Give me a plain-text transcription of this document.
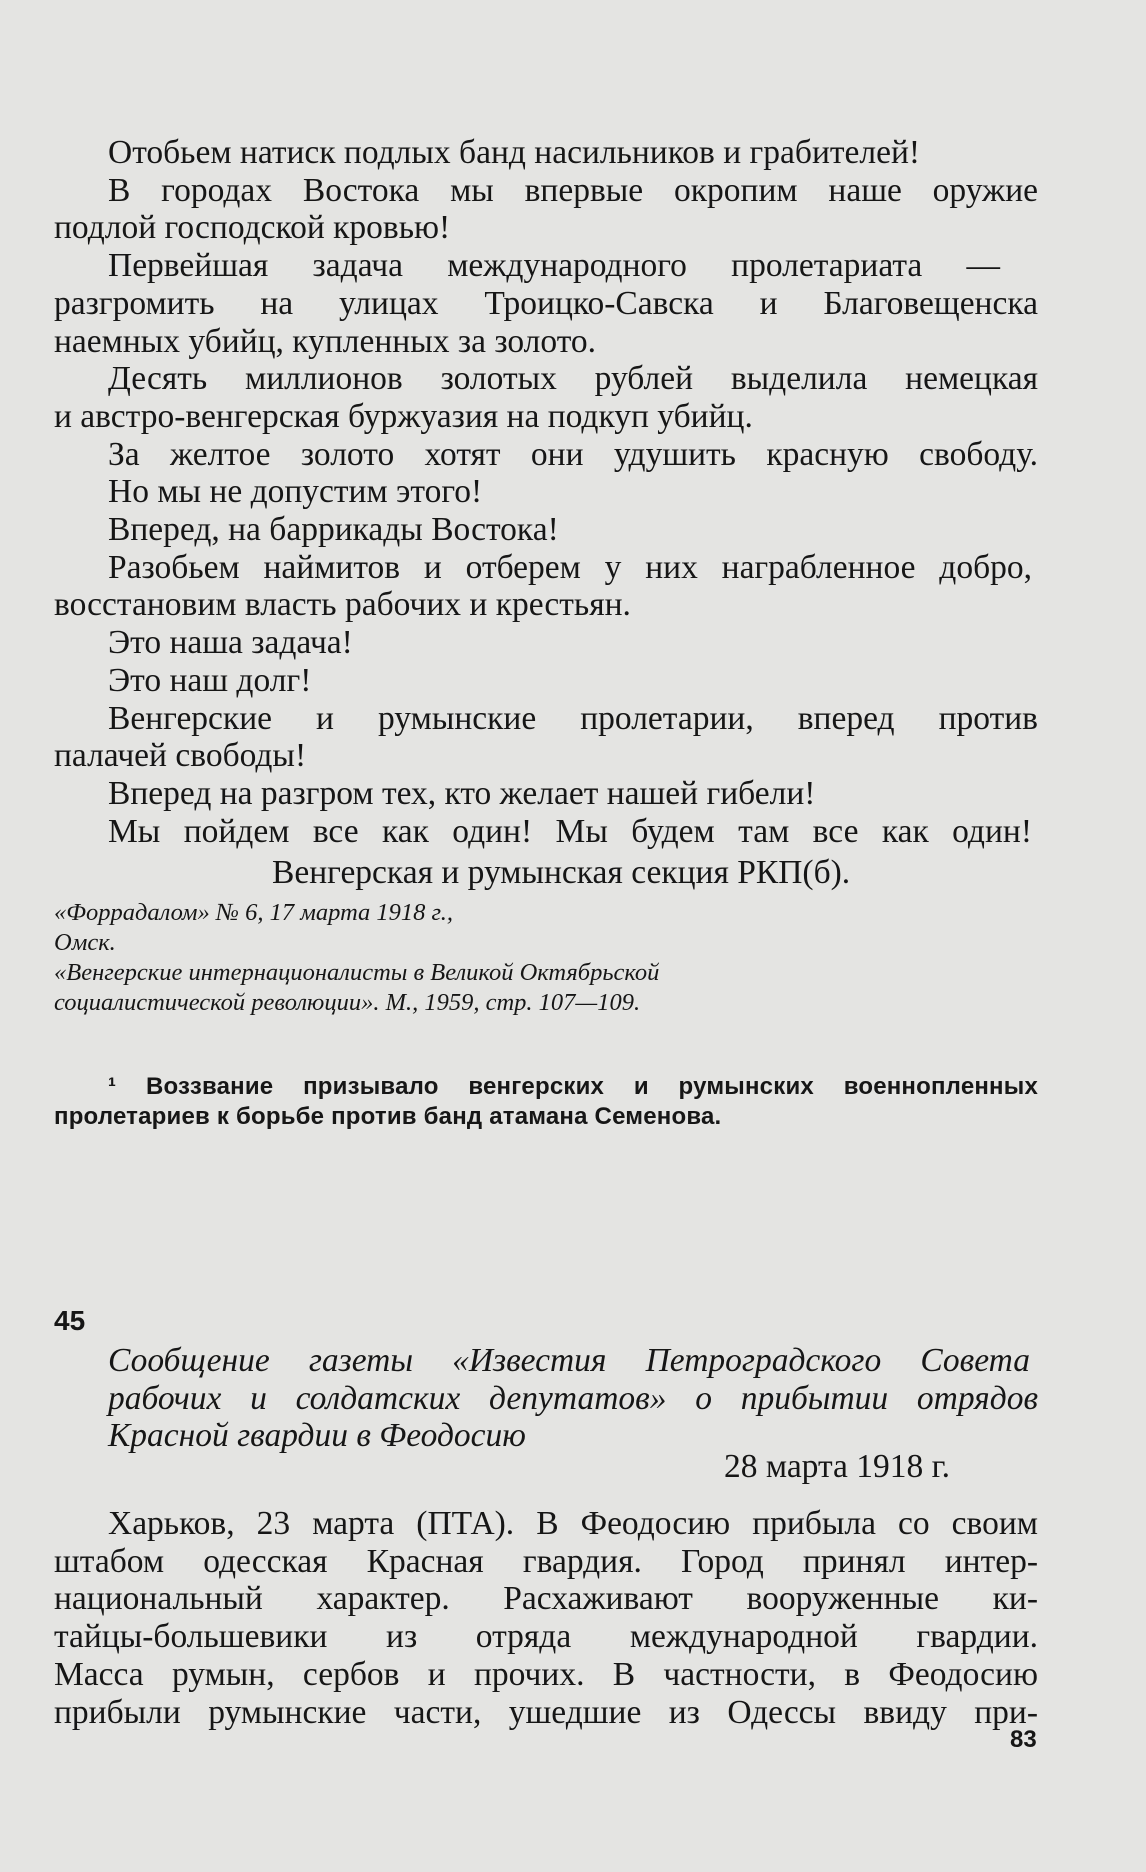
Отобьем натиск подлых банд насильников и грабителей!
В городах Востока мы впервые окропим наше оружие
подлой господской кровью!
Первейшая задача международного пролетариата —
разгромить на улицах Троицко-Савска и Благовещенска
наемных убийц, купленных за золото.
Десять миллионов золотых рублей выделила немецкая
и австро-венгерская буржуазия на подкуп убийц.
За желтое золото хотят они удушить красную свободу.
Но мы не допустим этого!
Вперед, на баррикады Востока!
Разобьем наймитов и отберем у них награбленное добро,
восстановим власть рабочих и крестьян.
Это наша задача!
Это наш долг!
Венгерские и румынские пролетарии, вперед против
палачей свободы!
Вперед на разгром тех, кто желает нашей гибели!
Мы пойдем все как один! Мы будем там все как один!
Венгерская и румынская секция РКП(б).
«Форрадалом» № 6, 17 марта 1918 г.,
Омск.
«Венгерские интернационалисты в Великой Октябрьской
социалистической революции». М., 1959, стр. 107—109.
¹ Воззвание призывало венгерских и румынских военнопленных
пролетариев к борьбе против банд атамана Семенова.
45
Сообщение газеты «Известия Петроградского Совета
рабочих и солдатских депутатов» о прибытии отрядов
Красной гвардии в Феодосию
28 марта 1918 г.
Харьков, 23 марта (ПТА). В Феодосию прибыла со своим
штабом одесская Красная гвардия. Город принял интер-
национальный характер. Расхаживают вооруженные ки-
тайцы-большевики из отряда международной гвардии.
Масса румын, сербов и прочих. В частности, в Феодосию
прибыли румынские части, ушедшие из Одессы ввиду при-
83
